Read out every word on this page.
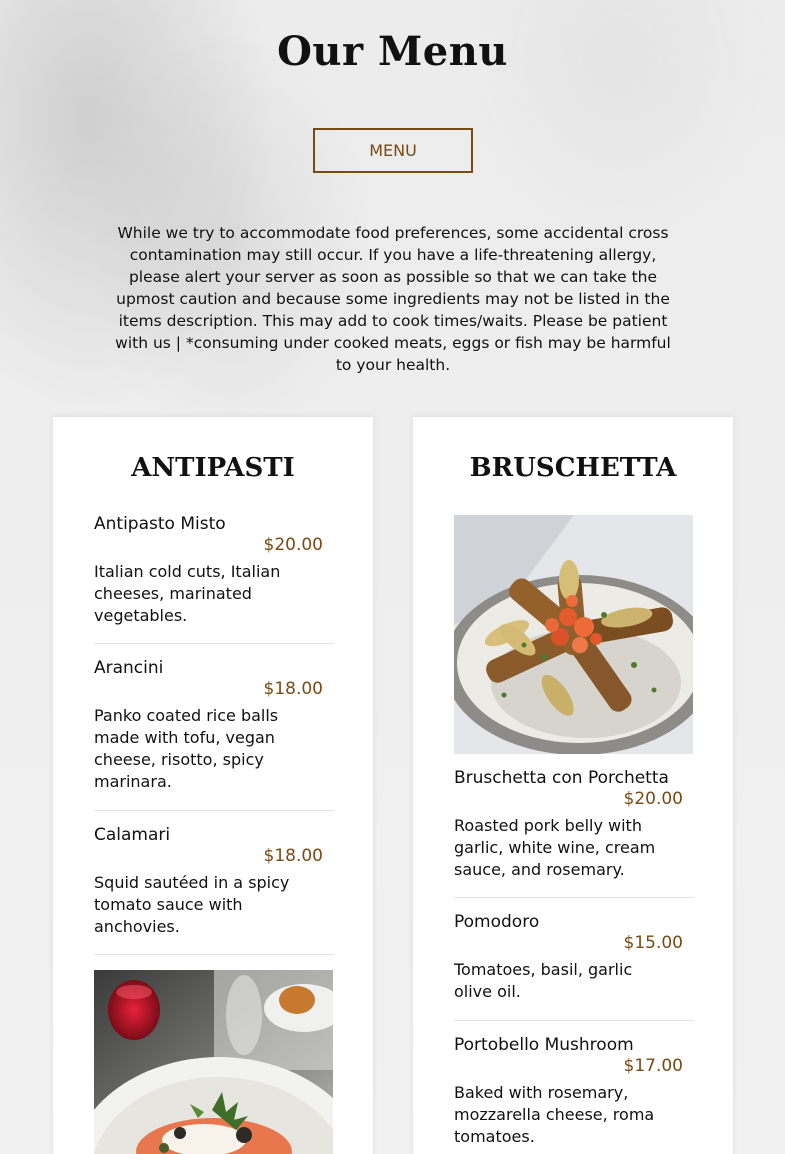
Our Menu
MENU

While we try to accommodate food preferences, some accidental cross contamination may still occur. If you have a life-threatening allergy, please alert your server as soon as possible so that we can take the upmost caution and because some ingredients may not be listed in the items description. This may add to cook times/waits. Please be patient with us | *consuming under cooked meats, eggs or fish may be harmful to your health.

ANTIPASTI
Antipasto Misto
$20.00
Italian cold cuts, Italian cheeses, marinated vegetables.
Arancini
$18.00
Panko coated rice balls made with tofu, vegan cheese, risotto, spicy marinara.
Calamari
$18.00
Squid sautéed in a spicy tomato sauce with anchovies.
BRUSCHETTA
Bruschetta con Porchetta
$20.00
Roasted pork belly with garlic, white wine, cream sauce, and rosemary.
Pomodoro
$15.00
Tomatoes, basil, garlic olive oil.
Portobello Mushroom
$17.00
Baked with rosemary, mozzarella cheese, roma tomatoes.
